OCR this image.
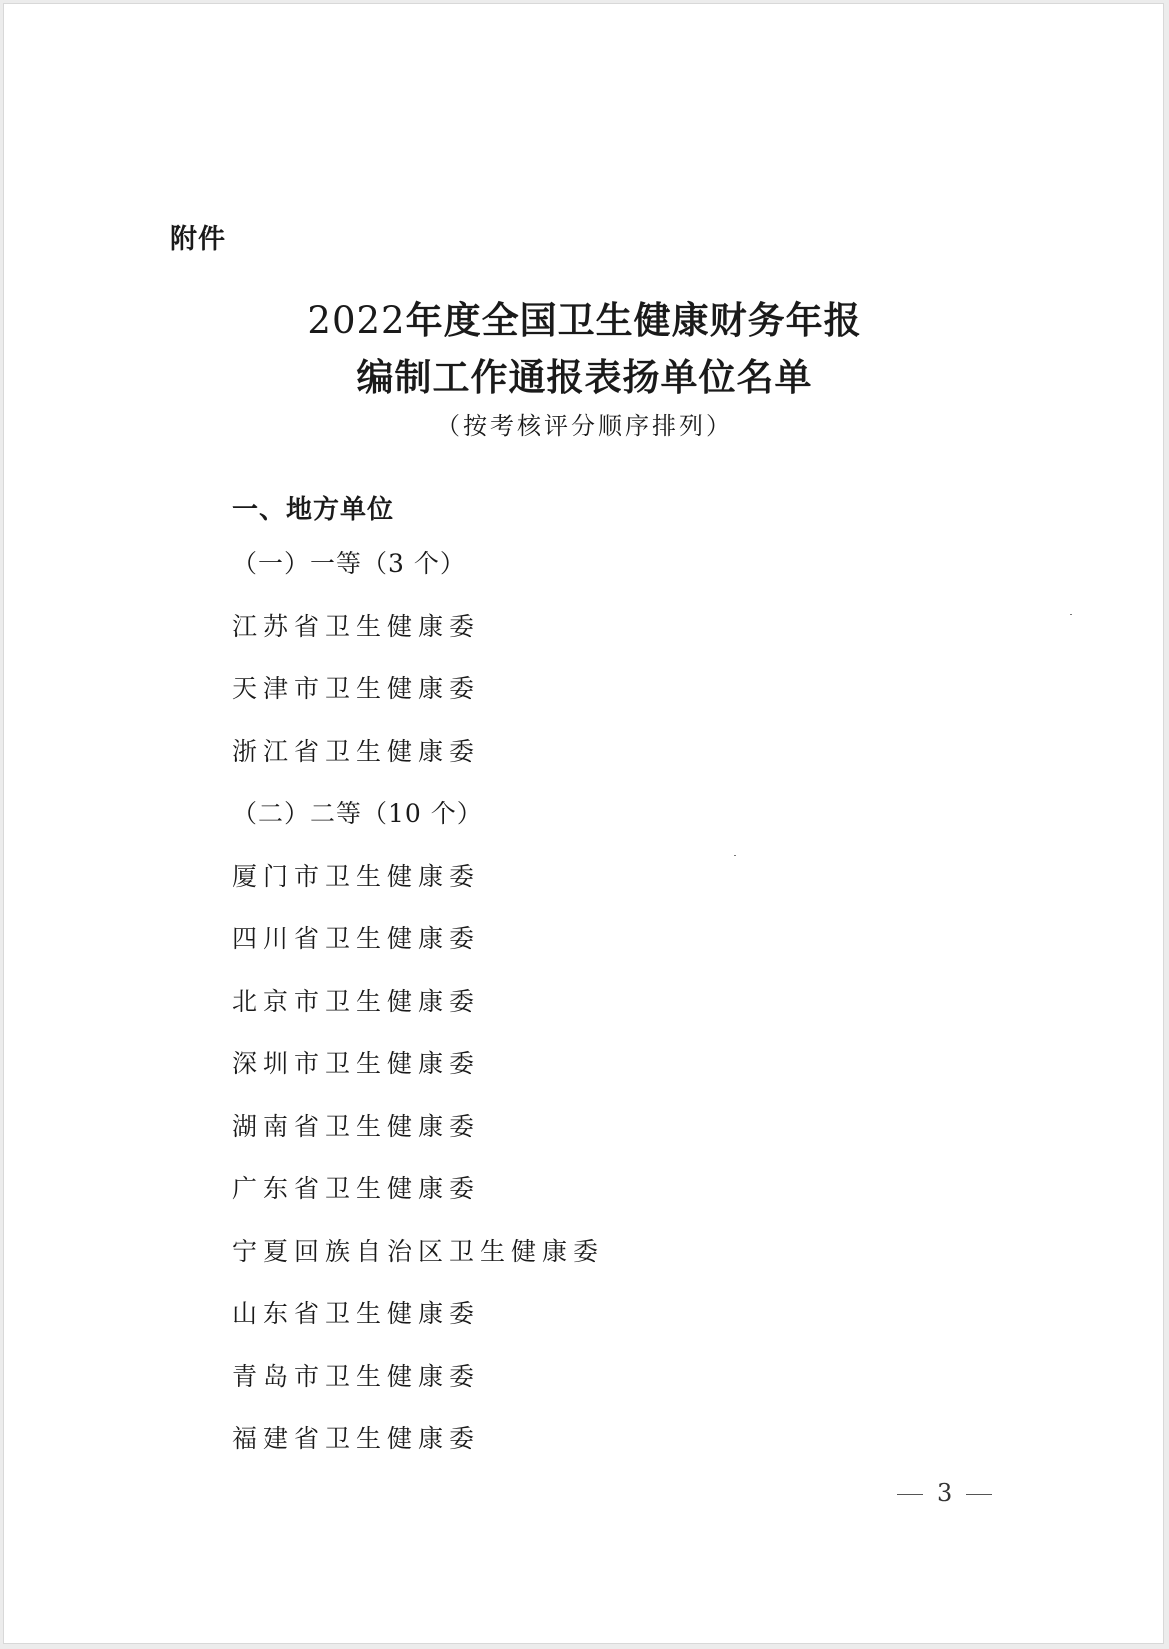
附件
2022年度全国卫生健康财务年报
编制工作通报表扬单位名单
（按考核评分顺序排列）
一、地方单位
（一）一等（3 个）
江苏省卫生健康委
天津市卫生健康委
浙江省卫生健康委
（二）二等（10 个）
厦门市卫生健康委
四川省卫生健康委
北京市卫生健康委
深圳市卫生健康委
湖南省卫生健康委
广东省卫生健康委
宁夏回族自治区卫生健康委
山东省卫生健康委
青岛市卫生健康委
福建省卫生健康委
3
